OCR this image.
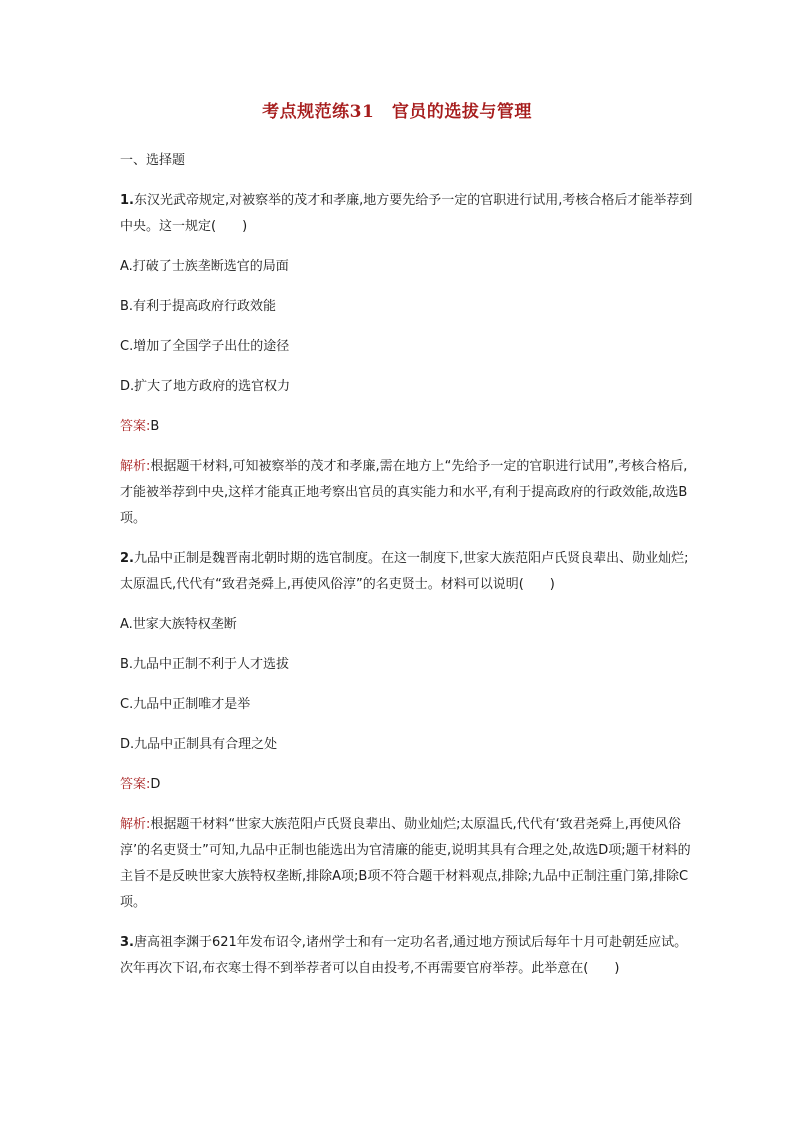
考点规范练31　官员的选拔与管理
一、选择题
1.东汉光武帝规定,对被察举的茂才和孝廉,地方要先给予一定的官职进行试用,考核合格后才能举荐到中央。这一规定(　　)
A.打破了士族垄断选官的局面
B.有利于提高政府行政效能
C.增加了全国学子出仕的途径
D.扩大了地方政府的选官权力
答案:B
解析:根据题干材料,可知被察举的茂才和孝廉,需在地方上“先给予一定的官职进行试用”,考核合格后,才能被举荐到中央,这样才能真正地考察出官员的真实能力和水平,有利于提高政府的行政效能,故选B项。
2.九品中正制是魏晋南北朝时期的选官制度。在这一制度下,世家大族范阳卢氏贤良辈出、勋业灿烂;太原温氏,代代有“致君尧舜上,再使风俗淳”的名吏贤士。材料可以说明(　　)
A.世家大族特权垄断
B.九品中正制不利于人才选拔
C.九品中正制唯才是举
D.九品中正制具有合理之处
答案:D
解析:根据题干材料“世家大族范阳卢氏贤良辈出、勋业灿烂;太原温氏,代代有‘致君尧舜上,再使风俗淳’的名吏贤士”可知,九品中正制也能选出为官清廉的能吏,说明其具有合理之处,故选D项;题干材料的主旨不是反映世家大族特权垄断,排除A项;B项不符合题干材料观点,排除;九品中正制注重门第,排除C项。
3.唐高祖李渊于621年发布诏令,诸州学士和有一定功名者,通过地方预试后每年十月可赴朝廷应试。次年再次下诏,布衣寒士得不到举荐者可以自由投考,不再需要官府举荐。此举意在(　　)
